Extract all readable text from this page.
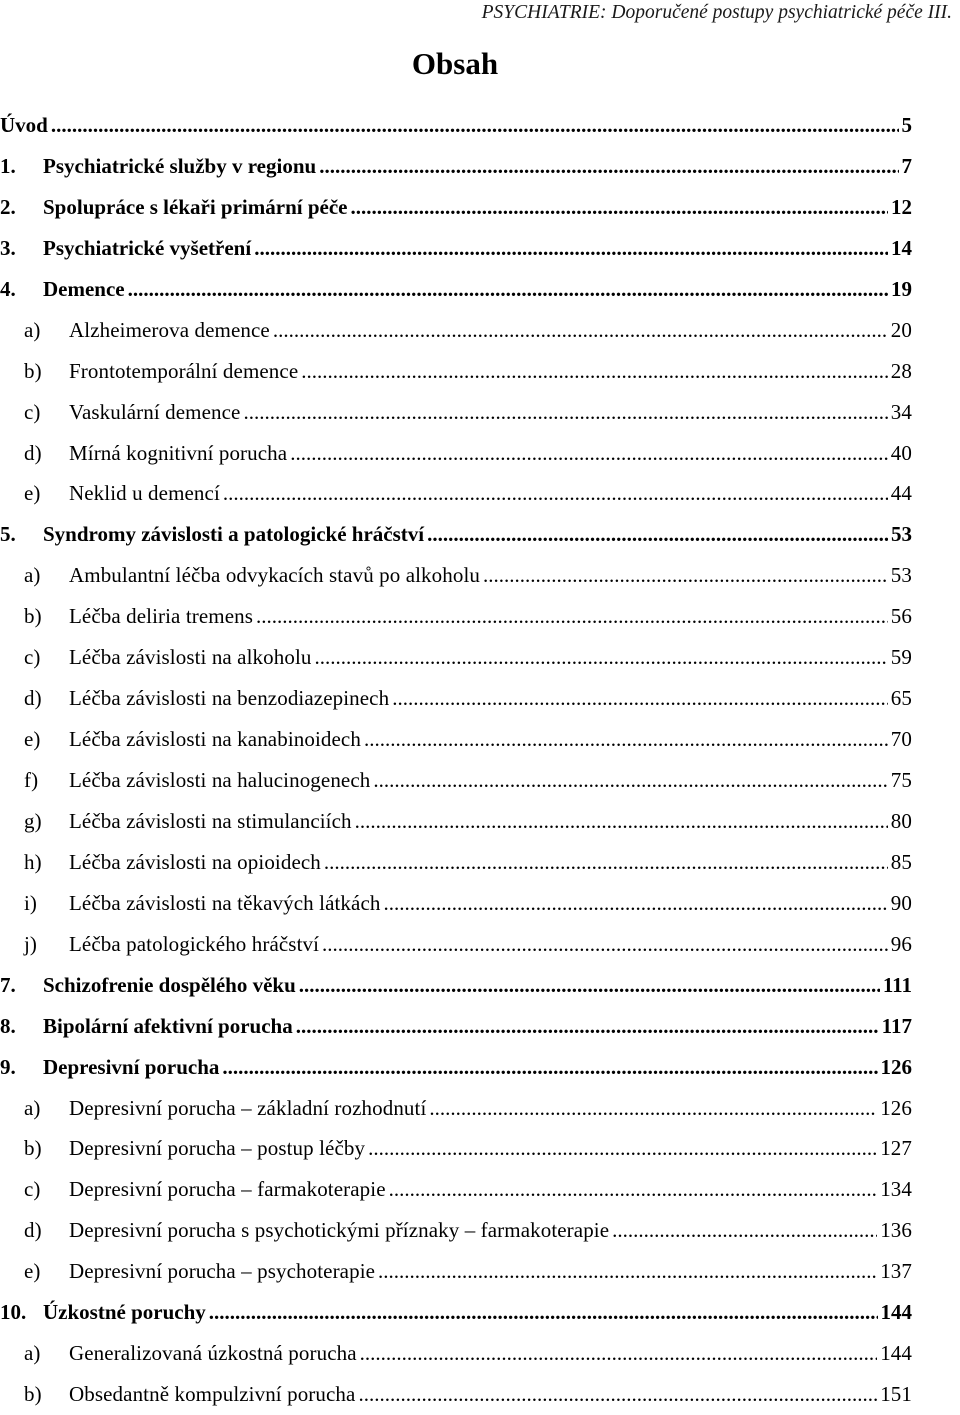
PSYCHIATRIE: Doporučené postupy psychiatrické péče III.
Obsah
Úvod .....	5
1.	Psychiatrické služby v regionu .....	7
2.	Spolupráce s lékaři primární péče .....	12
3.	Psychiatrické vyšetření .....	14
4.	Demence .....	19
a)	Alzheimerova demence .....	20
b)	Frontotemporální demence .....	28
c)	Vaskulární demence .....	34
d)	Mírná kognitivní porucha .....	40
e)	Neklid u demencí .....	44
5.	Syndromy závislosti a patologické hráčství .....	53
a)	Ambulantní léčba odvykacích stavů po alkoholu .....	53
b)	Léčba deliria tremens .....	56
c)	Léčba závislosti na alkoholu .....	59
d)	Léčba závislosti na benzodiazepinech .....	65
e)	Léčba závislosti na kanabinoidech .....	70
f)	Léčba závislosti na halucinogenech .....	75
g)	Léčba závislosti na stimulanciích .....	80
h)	Léčba závislosti na opioidech .....	85
i)	Léčba závislosti na těkavých látkách .....	90
j)	Léčba patologického hráčství .....	96
7.	Schizofrenie dospělého věku .....	111
8.	Bipolární afektivní porucha .....	117
9.	Depresivní porucha .....	126
a)	Depresivní porucha – základní rozhodnutí .....	126
b)	Depresivní porucha – postup léčby .....	127
c)	Depresivní porucha – farmakoterapie .....	134
d)	Depresivní porucha s psychotickými příznaky – farmakoterapie .....	136
e)	Depresivní porucha – psychoterapie .....	137
10. Úzkostné poruchy .....	144
a)	Generalizovaná úzkostná porucha .....	144
b)	Obsedantně kompulzivní porucha .....	151
